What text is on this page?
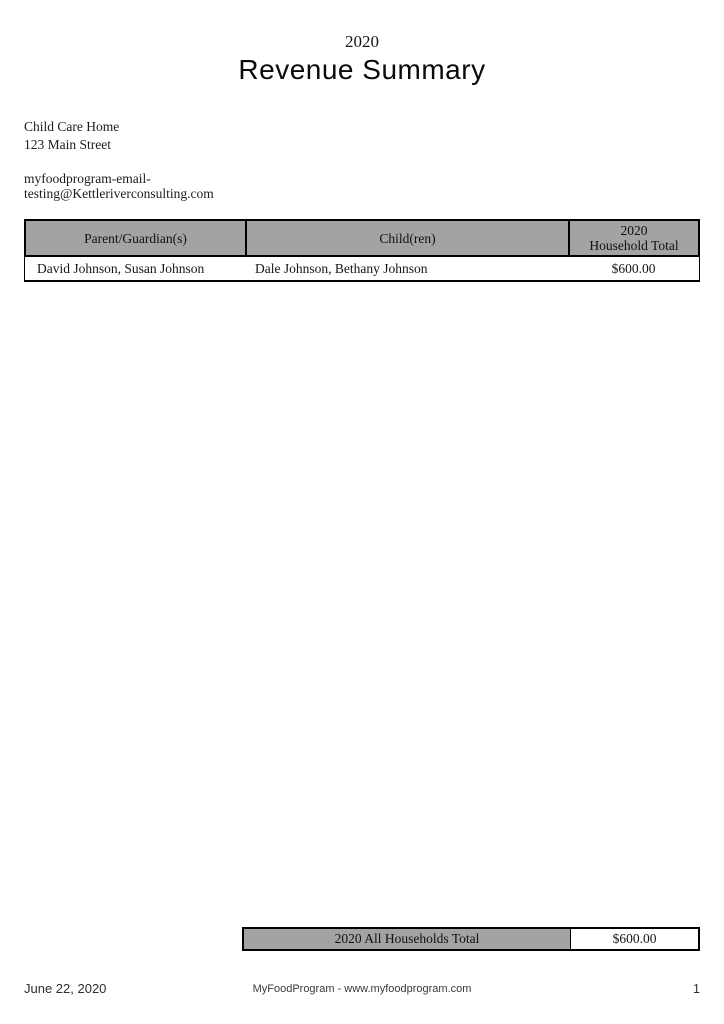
2020
Revenue Summary
Child Care Home
123 Main Street
myfoodprogram-email-
testing@Kettleriverconsulting.com
Parent/Guardian(s)	Child(ren)	2020
Household Total
David Johnson, Susan Johnson	Dale Johnson, Bethany Johnson	$600.00
2020 All Households Total	$600.00
June 22, 2020	MyFoodProgram - www.myfoodprogram.com	1
